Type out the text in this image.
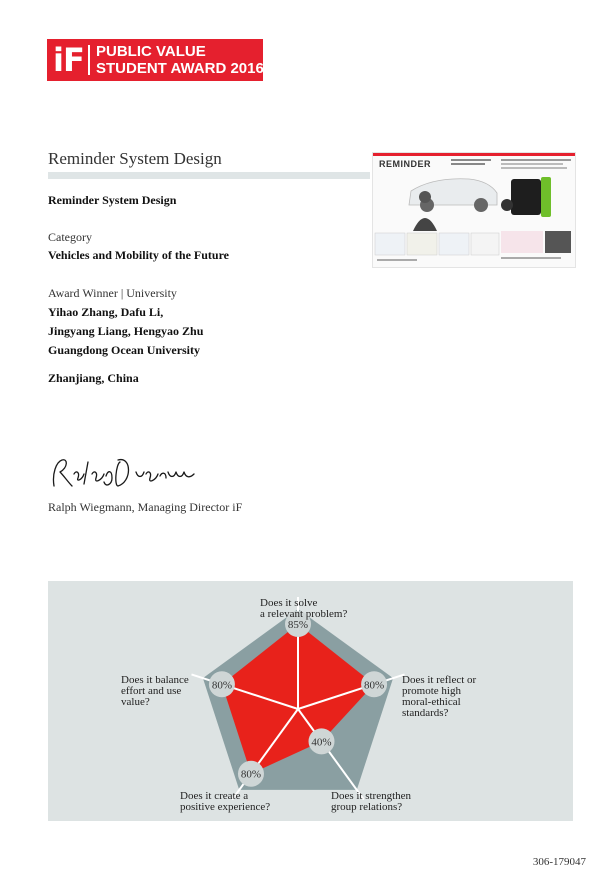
iF PUBLIC VALUE
STUDENT AWARD 2016
Reminder System Design
Reminder System Design
Category
Vehicles and Mobility of the Future
Award Winner | University
Yihao Zhang, Dafu Li,
Jingyang Liang, Hengyao Zhu
Guangdong Ocean University
Zhanjiang, China
REMINDER
Ralph Wiegmann, Managing Director iF
85%
80%
40%
80%
80%
Does it solve
a relevant problem?
Does it reflect or
promote high
moral-ethical
standards?
Does it strengthen
group relations?
Does it create a
positive experience?
Does it balance
effort and use
value?
306-179047
